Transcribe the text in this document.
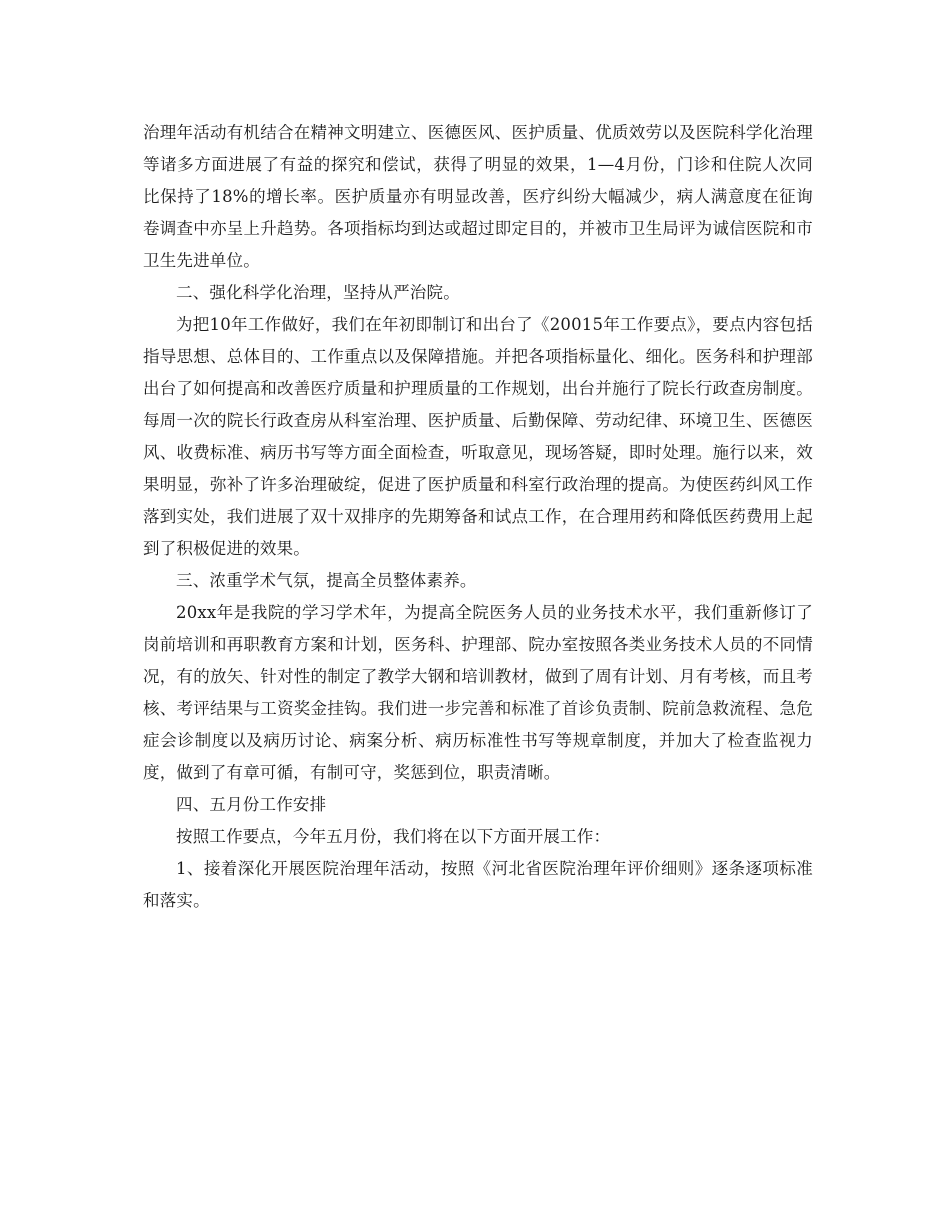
治理年活动有机结合在精神文明建立、医德医风、医护质量、优质效劳以及医院科学化治理等诸多方面进展了有益的探究和偿试，获得了明显的效果，1—4月份，门诊和住院人次同比保持了18%的增长率。医护质量亦有明显改善，医疗纠纷大幅减少，病人满意度在征询卷调查中亦呈上升趋势。各项指标均到达或超过即定目的，并被市卫生局评为诚信医院和市卫生先进单位。

二、强化科学化治理，坚持从严治院。

为把10年工作做好，我们在年初即制订和出台了《20015年工作要点》，要点内容包括指导思想、总体目的、工作重点以及保障措施。并把各项指标量化、细化。医务科和护理部出台了如何提高和改善医疗质量和护理质量的工作规划，出台并施行了院长行政查房制度。每周一次的院长行政查房从科室治理、医护质量、后勤保障、劳动纪律、环境卫生、医德医风、收费标准、病历书写等方面全面检查，听取意见，现场答疑，即时处理。施行以来，效果明显，弥补了许多治理破绽，促进了医护质量和科室行政治理的提高。为使医药纠风工作落到实处，我们进展了双十双排序的先期筹备和试点工作，在合理用药和降低医药费用上起到了积极促进的效果。

三、浓重学术气氛，提高全员整体素养。

20xx年是我院的学习学术年，为提高全院医务人员的业务技术水平，我们重新修订了岗前培训和再职教育方案和计划，医务科、护理部、院办室按照各类业务技术人员的不同情况，有的放矢、针对性的制定了教学大钢和培训教材，做到了周有计划、月有考核，而且考核、考评结果与工资奖金挂钩。我们进一步完善和标准了首诊负责制、院前急救流程、急危症会诊制度以及病历讨论、病案分析、病历标准性书写等规章制度，并加大了检查监视力度，做到了有章可循，有制可守，奖惩到位，职责清晰。

四、五月份工作安排

按照工作要点，今年五月份，我们将在以下方面开展工作：

1、接着深化开展医院治理年活动，按照《河北省医院治理年评价细则》逐条逐项标准和落实。
